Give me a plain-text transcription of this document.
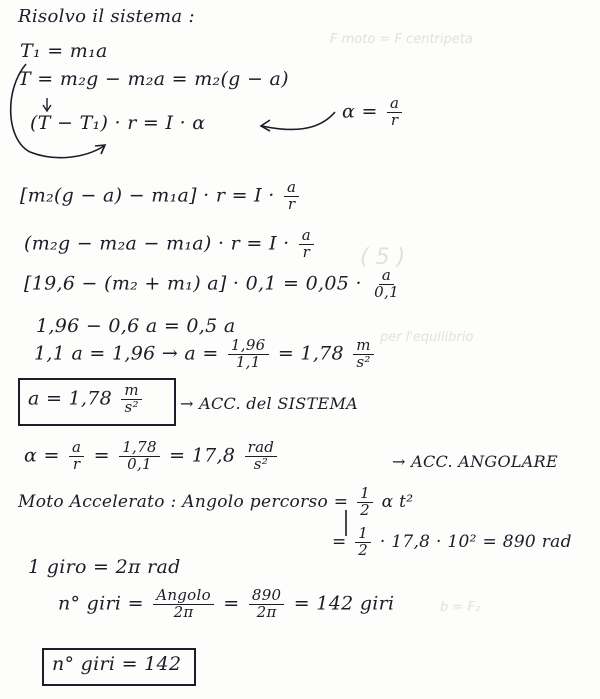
F moto = F centripeta
( 5 )
per l'equilibrio
b = F₂
Risolvo il sistema :
T₁ = m₁a
T = m₂g − m₂a = m₂(g − a)
(T − T₁) · r = I · α
$\alpha = \frac{a}{r}$
$[m_2(g - a) - m_1a] \cdot r = I \cdot \frac{a}{r}$
$(m_2g - m_2a - m_1a) \cdot r = I \cdot \frac{a}{r}$
[19,6 − (m₂ + m₁) $a] \cdot 0,1 = 0,05 \cdot \frac{a}{0,1}$
1,96 − 0,6 a = 0,5 a
1,1 $a = 1,96 \to a = \frac{1,96}{1,1} = 1,78 \frac{m}{\text{s²}}$
$a = 1,78 \frac{m}{\text{s²}}$ → ACC. del SISTEMA
$\alpha = \frac{a}{r} = \frac{1,78}{0,1} = 17,8 \frac{\text{rad}}{\text{s²}}$	→ ACC. ANGOLARE
Moto Accelerato : Angolo percorso = $\frac{1}{2}$ α t²
= $\frac{1}{2} \cdot 17,8 \cdot 10^2 = 890$ rad
1 giro = 2π rad
n° giri = $\frac{\text{Angolo}}{2\pi} = \frac{890}{2\pi} = 142$ giri
n° giri = 142
